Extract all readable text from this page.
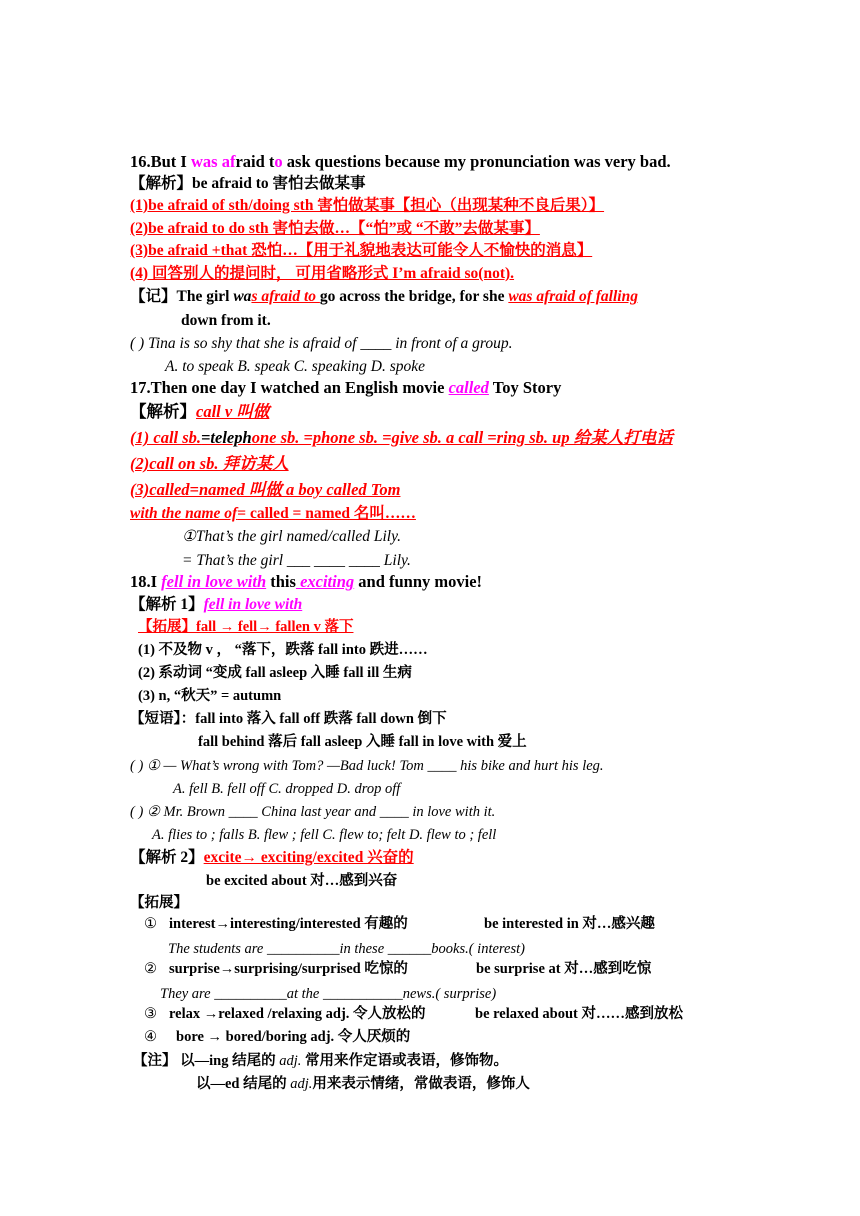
16.But I was afraid to ask questions because my pronunciation was very bad.
【解析】be afraid to 害怕去做某事
(1)be afraid of sth/doing sth 害怕做某事【担心（出现某种不良后果）】
(2)be afraid to do sth 害怕去做…【“怕”或 “不敢”去做某事】
(3)be afraid +that 恐怕…【用于礼貌地表达可能令人不愉快的消息】
(4) 回答别人的提问时， 可用省略形式 I’m afraid so(not).
【记】The girl was afraid to go across the bridge, for she was afraid of falling
down from it.
( ) Tina is so shy that she is afraid of ____ in front of a group.
A. to speak B. speak C. speaking D. spoke
17.Then one day I watched an English movie called Toy Story
【解析】call v 叫做
(1) call sb.=telephone sb. =phone sb. =give sb. a call =ring sb. up 给某人打电话
(2)call on sb. 拜访某人
(3)called=named 叫做 a boy called Tom
with the name of= called = named 名叫……
①That’s the girl named/called Lily.
= That’s the girl ___ ____ ____ Lily.
18.I fell in love with this exciting and funny movie!
【解析 1】fell in love with
【拓展】fall → fell→ fallen v 落下
(1) 不及物 v ， “落下，跌落 fall into 跌进……
(2) 系动词 “变成 fall asleep 入睡 fall ill 生病
(3) n, “秋天” = autumn
【短语】：fall into 落入 fall off 跌落 fall down 倒下
fall behind 落后 fall asleep 入睡 fall in love with 爱上
( ) ① — What’s wrong with Tom? —Bad luck! Tom ____ his bike and hurt his leg.
A. fell B. fell off C. dropped D. drop off
( ) ② Mr. Brown ____ China last year and ____ in love with it.
A. flies to ; falls B. flew ; fell C. flew to; felt D. flew to ; fell
【解析 2】excite→ exciting/excited 兴奋的
be excited about 对…感到兴奋
【拓展】
① interest→interesting/interested 有趣的	be interested in 对…感兴趣
The students are __________in these ______books.( interest)
② surprise→surprising/surprised 吃惊的	be surprise at 对…感到吃惊
They are __________at the ___________news.( surprise)
③ relax →relaxed /relaxing adj. 令人放松的	be relaxed about 对……感到放松
④ bore → bored/boring adj. 令人厌烦的
【注】 以—ing 结尾的 adj. 常用来作定语或表语，修饰物。
以—ed 结尾的 adj.用来表示情绪，常做表语，修饰人
